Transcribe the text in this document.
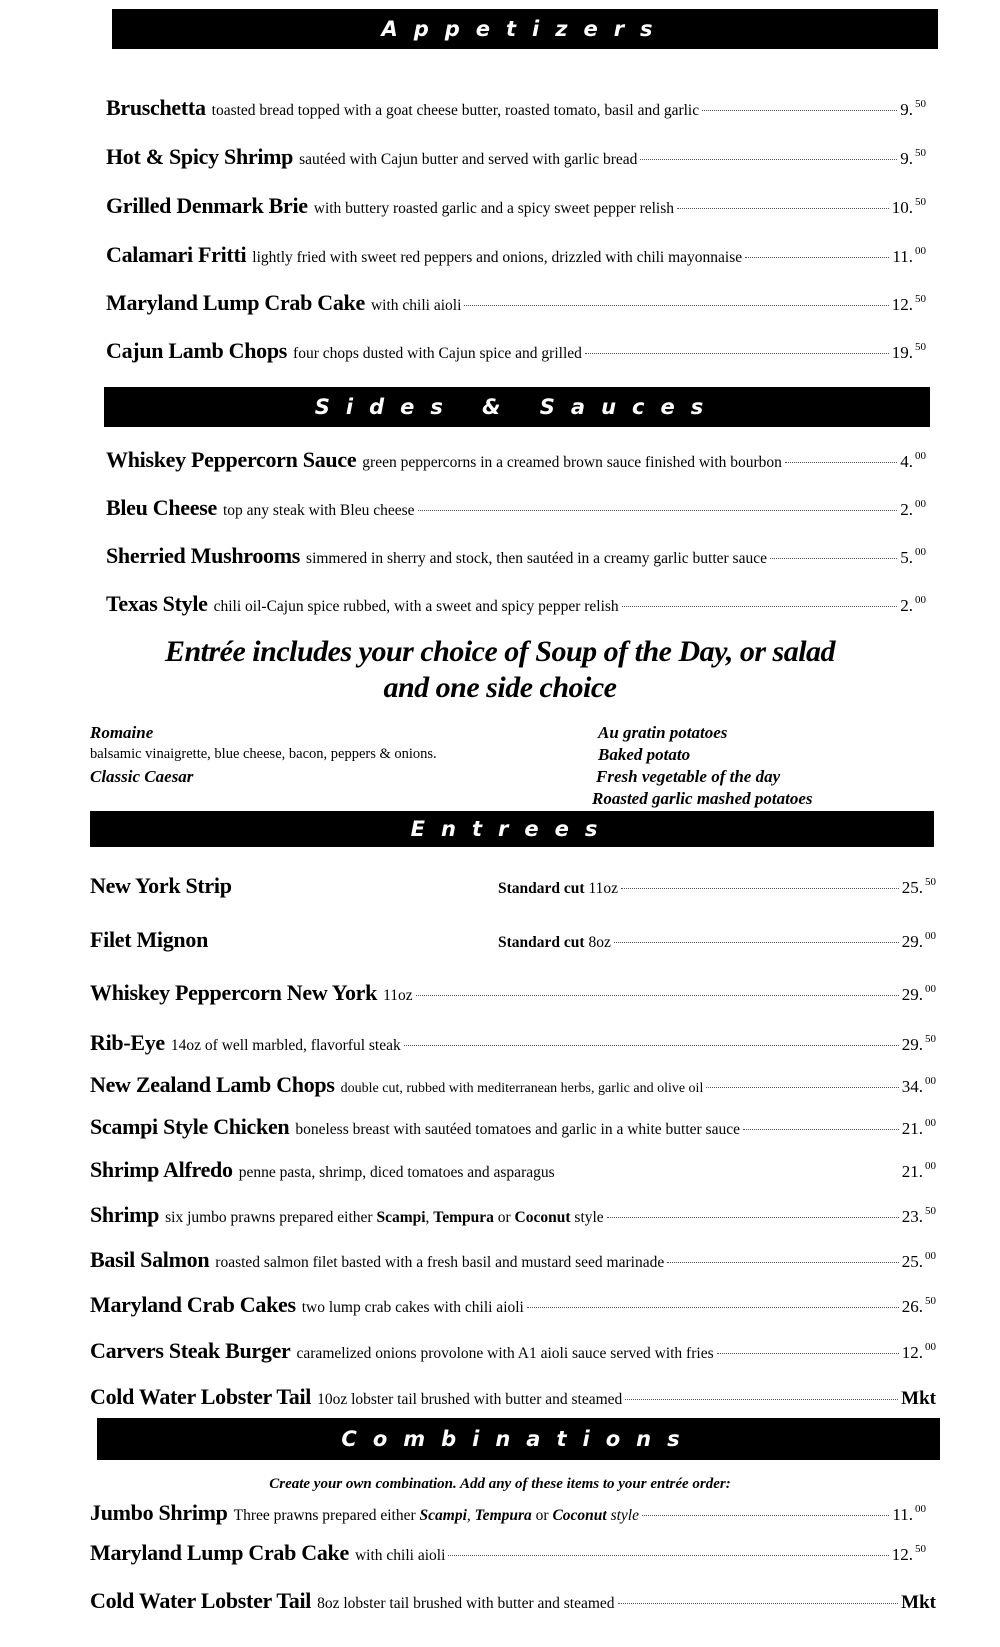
Appetizers
Bruschetta toasted bread topped with a goat cheese butter, roasted tomato, basil and garlic	9. $^{50}$
Hot & Spicy Shrimp sautéed with Cajun butter and served with garlic bread	9. $^{50}$
Grilled Denmark Brie with buttery roasted garlic and a spicy sweet pepper relish	10. $^{50}$
Calamari Fritti lightly fried with sweet red peppers and onions, drizzled with chili mayonnaise	11. $^{00}$
Maryland Lump Crab Cake with chili aioli	12. $^{50}$
Cajun Lamb Chops four chops dusted with Cajun spice and grilled	19. $^{50}$
Sides & Sauces
Whiskey Peppercorn Sauce green peppercorns in a creamed brown sauce finished with bourbon	4. $^{00}$
Bleu Cheese top any steak with Bleu cheese	2. $^{00}$
Sherried Mushrooms simmered in sherry and stock, then sautéed in a creamy garlic butter sauce	5. $^{00}$
Texas Style chili oil-Cajun spice rubbed, with a sweet and spicy pepper relish	2. $^{00}$
Entrée includes your choice of Soup of the Day, or salad
and one side choice
Romaine
balsamic vinaigrette, blue cheese, bacon, peppers & onions.
Classic Caesar
Au gratin potatoes
Baked potato
Fresh vegetable of the day
Roasted garlic mashed potatoes
Entrees
New York Strip	Standard cut 11oz	25. $^{50}$
Filet Mignon	Standard cut 8oz	29. $^{00}$
Whiskey Peppercorn New York 11oz	29. $^{00}$
Rib-Eye 14oz of well marbled, flavorful steak	29. $^{50}$
New Zealand Lamb Chops double cut, rubbed with mediterranean herbs, garlic and olive oil	34. $^{00}$
Scampi Style Chicken boneless breast with sautéed tomatoes and garlic in a white butter sauce	21. $^{00}$
Shrimp Alfredo penne pasta, shrimp, diced tomatoes and asparagus	21. $^{00}$
Shrimp six jumbo prawns prepared either Scampi, Tempura or Coconut style	23. $^{50}$
Basil Salmon roasted salmon filet basted with a fresh basil and mustard seed marinade	25. $^{00}$
Maryland Crab Cakes two lump crab cakes with chili aioli	26. $^{50}$
Carvers Steak Burger caramelized onions provolone with A1 aioli sauce served with fries	12. $^{00}$
Cold Water Lobster Tail 10oz lobster tail brushed with butter and steamed	Mkt
Combinations
Create your own combination. Add any of these items to your entrée order:
Jumbo Shrimp Three prawns prepared either Scampi, Tempura or Coconut style	11. $^{00}$
Maryland Lump Crab Cake with chili aioli	12. $^{50}$
Cold Water Lobster Tail 8oz lobster tail brushed with butter and steamed	Mkt
